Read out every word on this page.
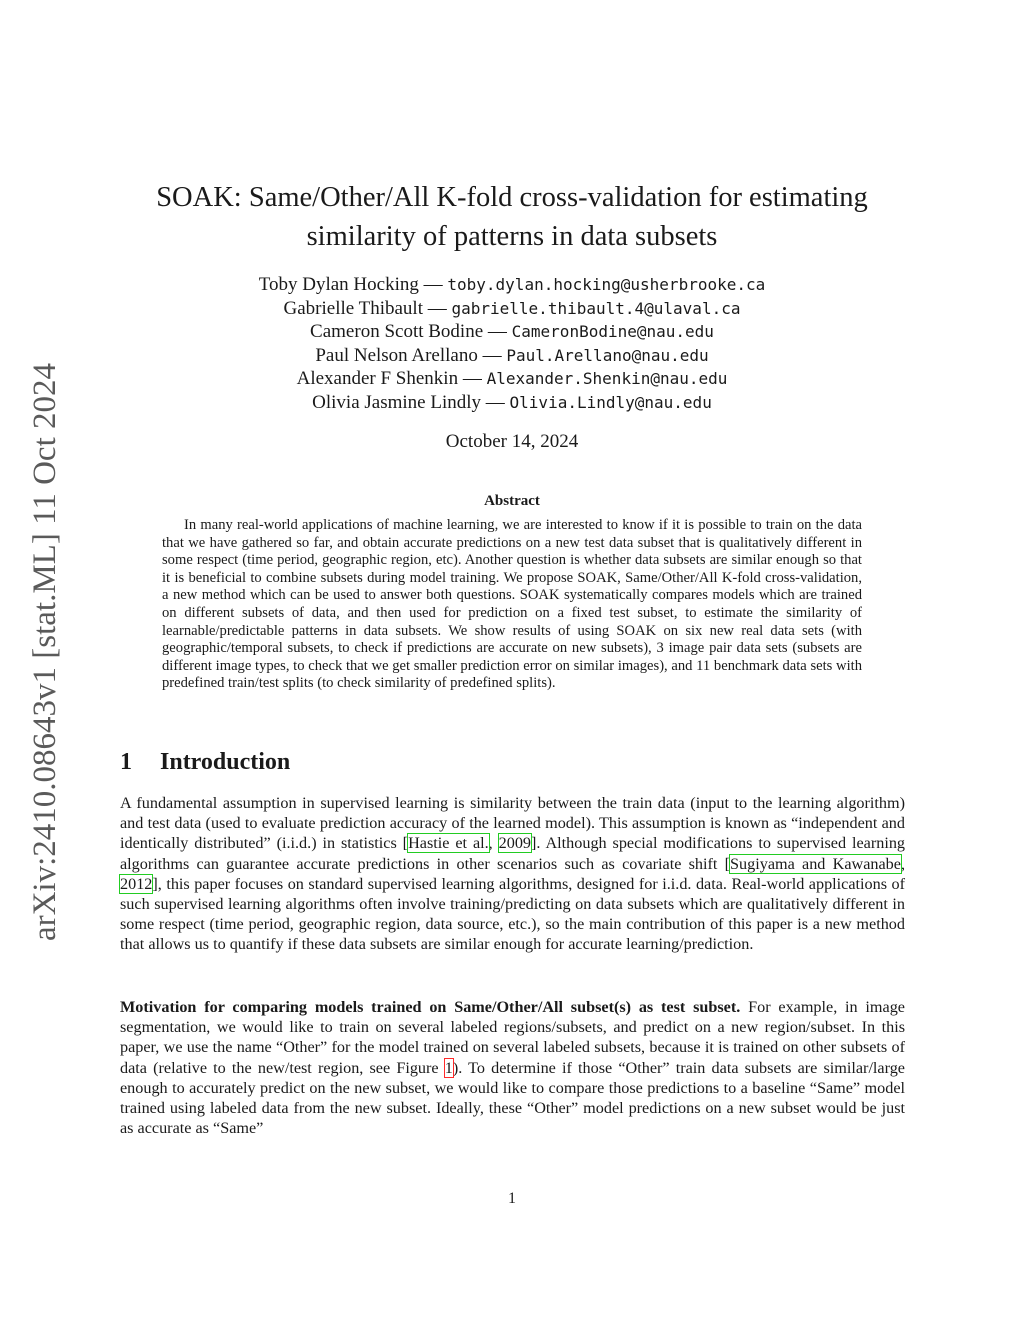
arXiv:2410.08643v1 [stat.ML] 11 Oct 2024
SOAK: Same/Other/All K-fold cross-validation for estimating similarity of patterns in data subsets
Toby Dylan Hocking — toby.dylan.hocking@usherbrooke.ca
Gabrielle Thibault — gabrielle.thibault.4@ulaval.ca
Cameron Scott Bodine — CameronBodine@nau.edu
Paul Nelson Arellano — Paul.Arellano@nau.edu
Alexander F Shenkin — Alexander.Shenkin@nau.edu
Olivia Jasmine Lindly — Olivia.Lindly@nau.edu
October 14, 2024
Abstract

In many real-world applications of machine learning, we are interested to know if it is possible to train on the data that we have gathered so far, and obtain accurate predictions on a new test data subset that is qualitatively different in some respect (time period, geographic region, etc). Another question is whether data subsets are similar enough so that it is beneficial to combine subsets during model training. We propose SOAK, Same/Other/All K-fold cross-validation, a new method which can be used to answer both questions. SOAK systematically compares models which are trained on different subsets of data, and then used for prediction on a fixed test subset, to estimate the similarity of learnable/predictable patterns in data subsets. We show results of using SOAK on six new real data sets (with geographic/temporal subsets, to check if predictions are accurate on new subsets), 3 image pair data sets (subsets are different image types, to check that we get smaller prediction error on similar images), and 11 benchmark data sets with predefined train/test splits (to check similarity of predefined splits).

1 Introduction

A fundamental assumption in supervised learning is similarity between the train data (input to the learning algorithm) and test data (used to evaluate prediction accuracy of the learned model). This assumption is known as “independent and identically distributed” (i.i.d.) in statistics [Hastie et al., 2009]. Although special modifications to supervised learning algorithms can guarantee accurate predictions in other scenarios such as covariate shift [Sugiyama and Kawanabe, 2012], this paper focuses on standard supervised learning algorithms, designed for i.i.d. data. Real-world applications of such supervised learning algorithms often involve training/predicting on data subsets which are qualitatively different in some respect (time period, geographic region, data source, etc.), so the main contribution of this paper is a new method that allows us to quantify if these data subsets are similar enough for accurate learning/prediction.

Motivation for comparing models trained on Same/Other/All subset(s) as test subset. For example, in image segmentation, we would like to train on several labeled regions/subsets, and predict on a new region/subset. In this paper, we use the name “Other” for the model trained on several labeled subsets, because it is trained on other subsets of data (relative to the new/test region, see Figure 1). To determine if those “Other” train data subsets are similar/large enough to accurately predict on the new subset, we would like to compare those predictions to a baseline “Same” model trained using labeled data from the new subset. Ideally, these “Other” model predictions on a new subset would be just as accurate as “Same”

1
